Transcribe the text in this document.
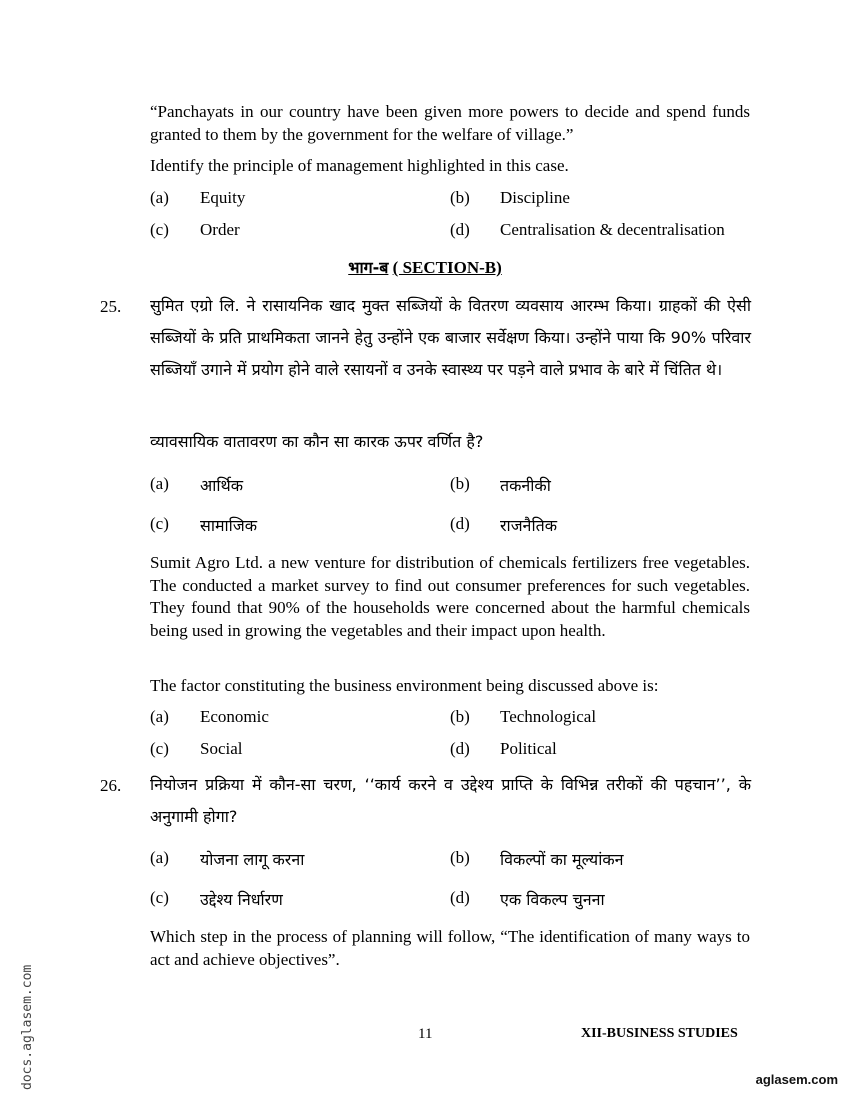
“Panchayats in our country have been given more powers to decide and spend funds granted to them by the government for the welfare of village.”
Identify the principle of management highlighted in this case.
(a) Equity	(b) Discipline
(c) Order	(d) Centralisation & decentralisation
भाग-ब ( SECTION-B)
25. सुमित एग्रो लि. ने रासायनिक खाद मुक्त सब्जियों के वितरण व्यवसाय आरम्भ किया। ग्राहकों की ऐसी सब्जियों के प्रति प्राथमिकता जानने हेतु उन्होंने एक बाजार सर्वेक्षण किया। उन्होंने पाया कि 90% परिवार सब्जियाँ उगाने में प्रयोग होने वाले रसायनों व उनके स्वास्थ्य पर पड़ने वाले प्रभाव के बारे में चिंतित थे।
व्यावसायिक वातावरण का कौन सा कारक ऊपर वर्णित है?
(a) आर्थिक	(b) तकनीकी
(c) सामाजिक	(d) राजनैतिक
Sumit Agro Ltd. a new venture for distribution of chemicals fertilizers free vegetables. The conducted a market survey to find out consumer preferences for such vegetables. They found that 90% of the households were concerned about the harmful chemicals being used in growing the vegetables and their impact upon health.
The factor constituting the business environment being discussed above is:
(a) Economic	(b) Technological
(c) Social	(d) Political
26. नियोजन प्रक्रिया में कौन-सा चरण, ‘‘कार्य करने व उद्देश्य प्राप्ति के विभिन्न तरीकों की पहचान’’, के अनुगामी होगा?
(a) योजना लागू करना	(b) विकल्पों का मूल्यांकन
(c) उद्देश्य निर्धारण	(d) एक विकल्प चुनना
Which step in the process of planning will follow, “The identification of many ways to act and achieve objectives”.
11	XII-BUSINESS STUDIES
docs.aglasem.com	aglasem.com
